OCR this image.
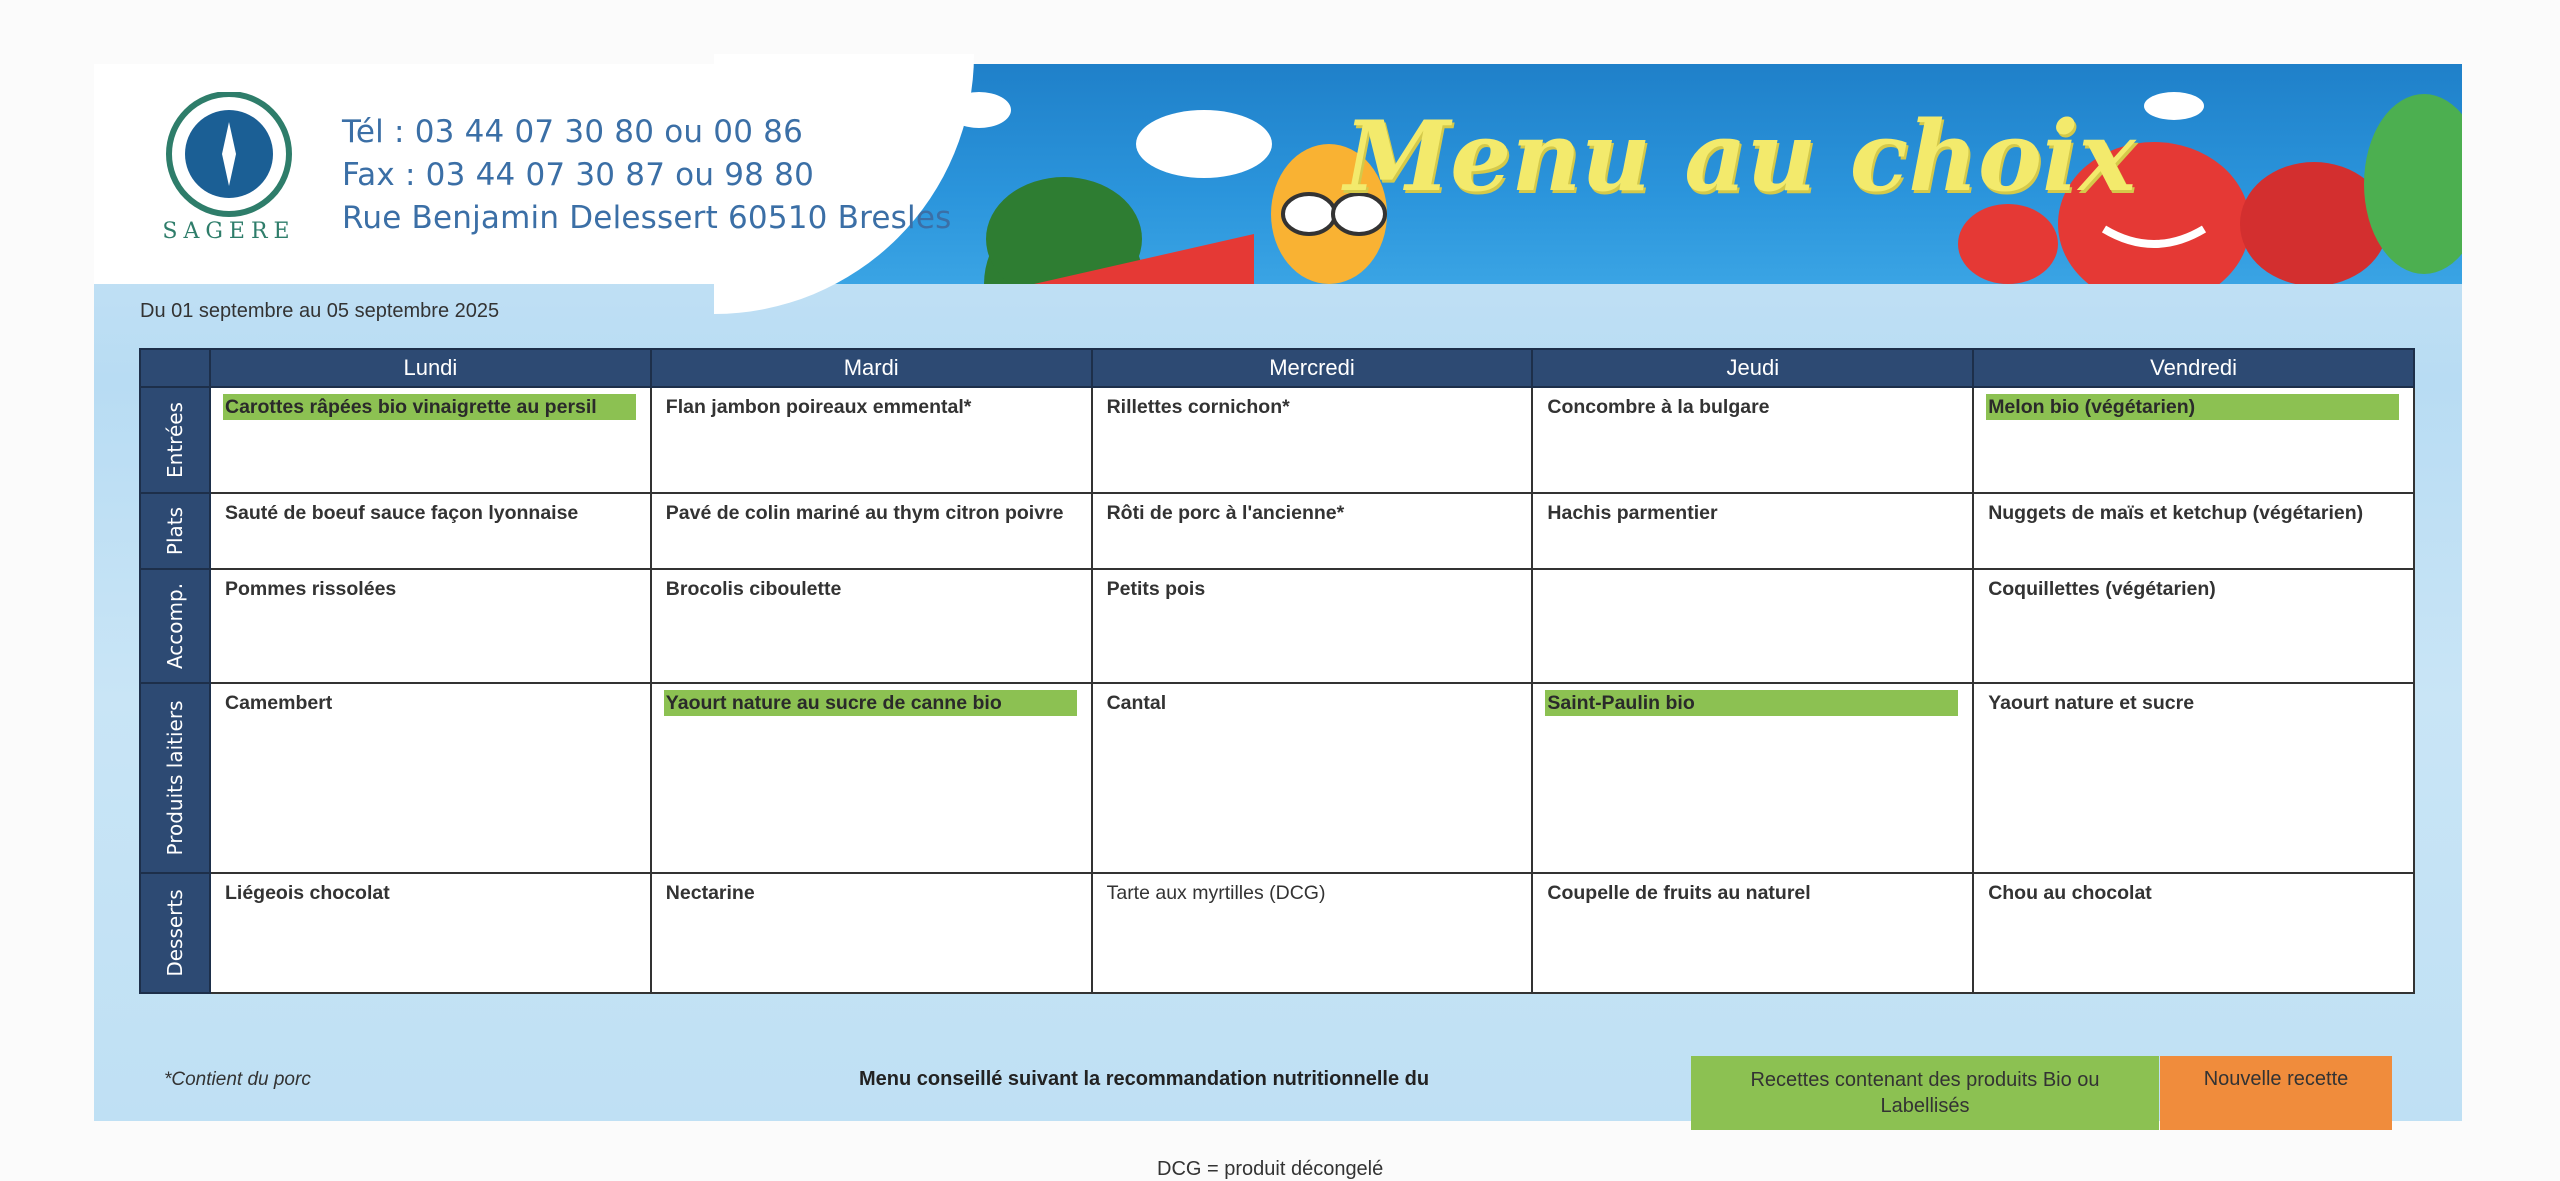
SAGERE
Tél : 03 44 07 30 80 ou 00 86
Fax : 03 44 07 30 87 ou 98 80
Rue Benjamin Delessert 60510 Bresles
Menu au choix
Du 01 septembre au 05 septembre 2025
	Lundi	Mardi	Mercredi	Jeudi	Vendredi

Entrées	Carottes râpées bio vinaigrette au persil	Flan jambon poireaux emmental*	Rillettes cornichon*	Concombre à la bulgare	Melon bio (végétarien)

Plats	Sauté de boeuf sauce façon lyonnaise	Pavé de colin mariné au thym citron poivre	Rôti de porc à l'ancienne*	Hachis parmentier	Nuggets de maïs et ketchup (végétarien)

Accomp.	Pommes rissolées	Brocolis ciboulette	Petits pois		Coquillettes (végétarien)

Produits laitiers	Camembert	Yaourt nature au sucre de canne bio	Cantal	Saint-Paulin bio	Yaourt nature et sucre

Desserts	Liégeois chocolat	Nectarine	Tarte aux myrtilles (DCG)	Coupelle de fruits au naturel	Chou au chocolat
*Contient du porc	Menu conseillé suivant la recommandation nutritionnelle du	Recettes contenant des produits Bio ou Labellisés
Nouvelle recette
DCG = produit décongelé
